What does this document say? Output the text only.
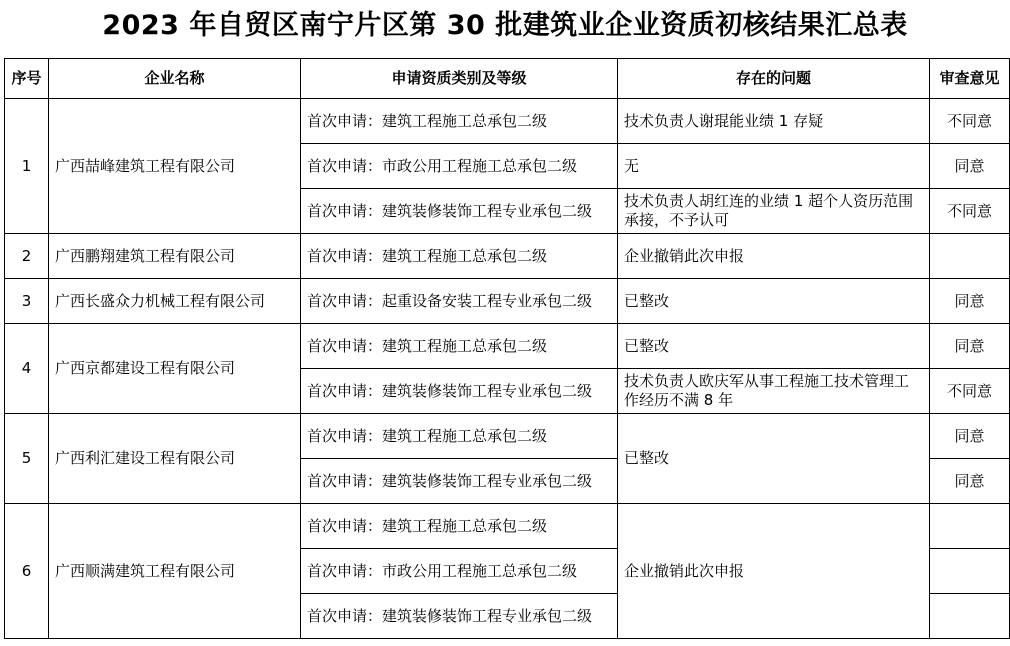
2023 年自贸区南宁片区第 30 批建筑业企业资质初核结果汇总表
序号	企业名称	申请资质类别及等级	存在的问题	审查意见
1	广西喆峰建筑工程有限公司	首次申请：建筑工程施工总承包二级	技术负责人谢琨能业绩 1 存疑	不同意
		首次申请：市政公用工程施工总承包二级	无	同意
		首次申请：建筑装修装饰工程专业承包二级	技术负责人胡红连的业绩 1 超个人资历范围承接，不予认可	不同意
2	广西鹏翔建筑工程有限公司	首次申请：建筑工程施工总承包二级	企业撤销此次申报	
3	广西长盛众力机械工程有限公司	首次申请：起重设备安装工程专业承包二级	已整改	同意
4	广西京都建设工程有限公司	首次申请：建筑工程施工总承包二级	已整改	同意
		首次申请：建筑装修装饰工程专业承包二级	技术负责人欧庆军从事工程施工技术管理工作经历不满 8 年	不同意
5	广西利汇建设工程有限公司	首次申请：建筑工程施工总承包二级	已整改	同意
		首次申请：建筑装修装饰工程专业承包二级		同意
6	广西顺满建筑工程有限公司	首次申请：建筑工程施工总承包二级	企业撤销此次申报	
		首次申请：市政公用工程施工总承包二级		
		首次申请：建筑装修装饰工程专业承包二级		
